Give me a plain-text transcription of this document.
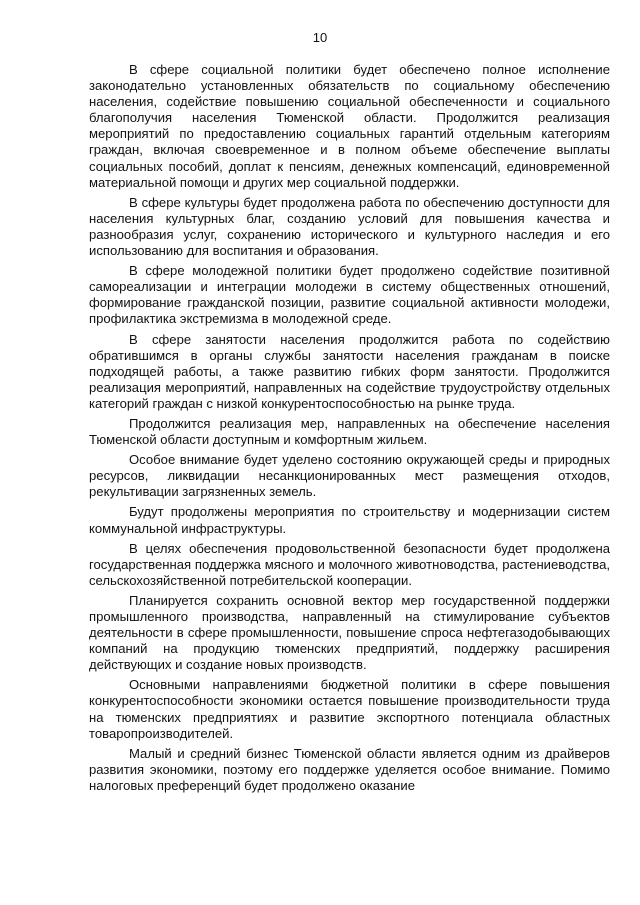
10

В сфере социальной политики будет обеспечено полное исполнение законодательно установленных обязательств по социальному обеспечению населения, содействие повышению социальной обеспеченности и социального благополучия населения Тюменской области. Продолжится реализация мероприятий по предоставлению социальных гарантий отдельным категориям граждан, включая своевременное и в полном объеме обеспечение выплаты социальных пособий, доплат к пенсиям, денежных компенсаций, единовременной материальной помощи и других мер социальной поддержки.

В сфере культуры будет продолжена работа по обеспечению доступности для населения культурных благ, созданию условий для повышения качества и разнообразия услуг, сохранению исторического и культурного наследия и его использованию для воспитания и образования.

В сфере молодежной политики будет продолжено содействие позитивной самореализации и интеграции молодежи в систему общественных отношений, формирование гражданской позиции, развитие социальной активности молодежи, профилактика экстремизма в молодежной среде.

В сфере занятости населения продолжится работа по содействию обратившимся в органы службы занятости населения гражданам в поиске подходящей работы, а также развитию гибких форм занятости. Продолжится реализация мероприятий, направленных на содействие трудоустройству отдельных категорий граждан с низкой конкурентоспособностью на рынке труда.

Продолжится реализация мер, направленных на обеспечение населения Тюменской области доступным и комфортным жильем.

Особое внимание будет уделено состоянию окружающей среды и природных ресурсов, ликвидации несанкционированных мест размещения отходов, рекультивации загрязненных земель.

Будут продолжены мероприятия по строительству и модернизации систем коммунальной инфраструктуры.

В целях обеспечения продовольственной безопасности будет продолжена государственная поддержка мясного и молочного животноводства, растениеводства, сельскохозяйственной потребительской кооперации.

Планируется сохранить основной вектор мер государственной поддержки промышленного производства, направленный на стимулирование субъектов деятельности в сфере промышленности, повышение спроса нефтегазодобывающих компаний на продукцию тюменских предприятий, поддержку расширения действующих и создание новых производств.

Основными направлениями бюджетной политики в сфере повышения конкурентоспособности экономики остается повышение производительности труда на тюменских предприятиях и развитие экспортного потенциала областных товаропроизводителей.

Малый и средний бизнес Тюменской области является одним из драйверов развития экономики, поэтому его поддержке уделяется особое внимание. Помимо налоговых преференций будет продолжено оказание
